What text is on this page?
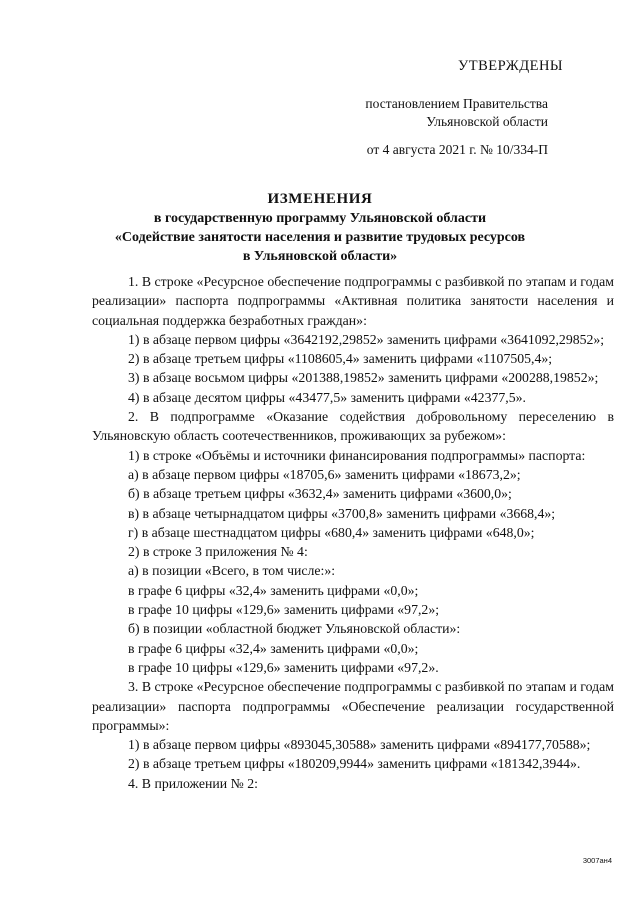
УТВЕРЖДЕНЫ
постановлением Правительства
Ульяновской области
от 4 августа 2021 г. № 10/334-П
ИЗМЕНЕНИЯ
в государственную программу Ульяновской области
«Содействие занятости населения и развитие трудовых ресурсов
в Ульяновской области»

1. В строке «Ресурсное обеспечение подпрограммы с разбивкой по этапам и годам реализации» паспорта подпрограммы «Активная политика занятости населения и социальная поддержка безработных граждан»:

1) в абзаце первом цифры «3642192,29852» заменить цифрами «3641092,29852»;

2) в абзаце третьем цифры «1108605,4» заменить цифрами «1107505,4»;

3) в абзаце восьмом цифры «201388,19852» заменить цифрами «200288,19852»;

4) в абзаце десятом цифры «43477,5» заменить цифрами «42377,5».

2. В подпрограмме «Оказание содействия добровольному переселению в Ульяновскую область соотечественников, проживающих за рубежом»:

1) в строке «Объёмы и источники финансирования подпрограммы» паспорта:

а) в абзаце первом цифры «18705,6» заменить цифрами «18673,2»;

б) в абзаце третьем цифры «3632,4» заменить цифрами «3600,0»;

в) в абзаце четырнадцатом цифры «3700,8» заменить цифрами «3668,4»;

г) в абзаце шестнадцатом цифры «680,4» заменить цифрами «648,0»;

2) в строке 3 приложения № 4:

а) в позиции «Всего, в том числе:»:

в графе 6 цифры «32,4» заменить цифрами «0,0»;

в графе 10 цифры «129,6» заменить цифрами «97,2»;

б) в позиции «областной бюджет Ульяновской области»:

в графе 6 цифры «32,4» заменить цифрами «0,0»;

в графе 10 цифры «129,6» заменить цифрами «97,2».

3. В строке «Ресурсное обеспечение подпрограммы с разбивкой по этапам и годам реализации» паспорта подпрограммы «Обеспечение реализации государственной программы»:

1) в абзаце первом цифры «893045,30588» заменить цифрами «894177,70588»;

2) в абзаце третьем цифры «180209,9944» заменить цифрами «181342,3944».

4. В приложении № 2:

3007ан4
